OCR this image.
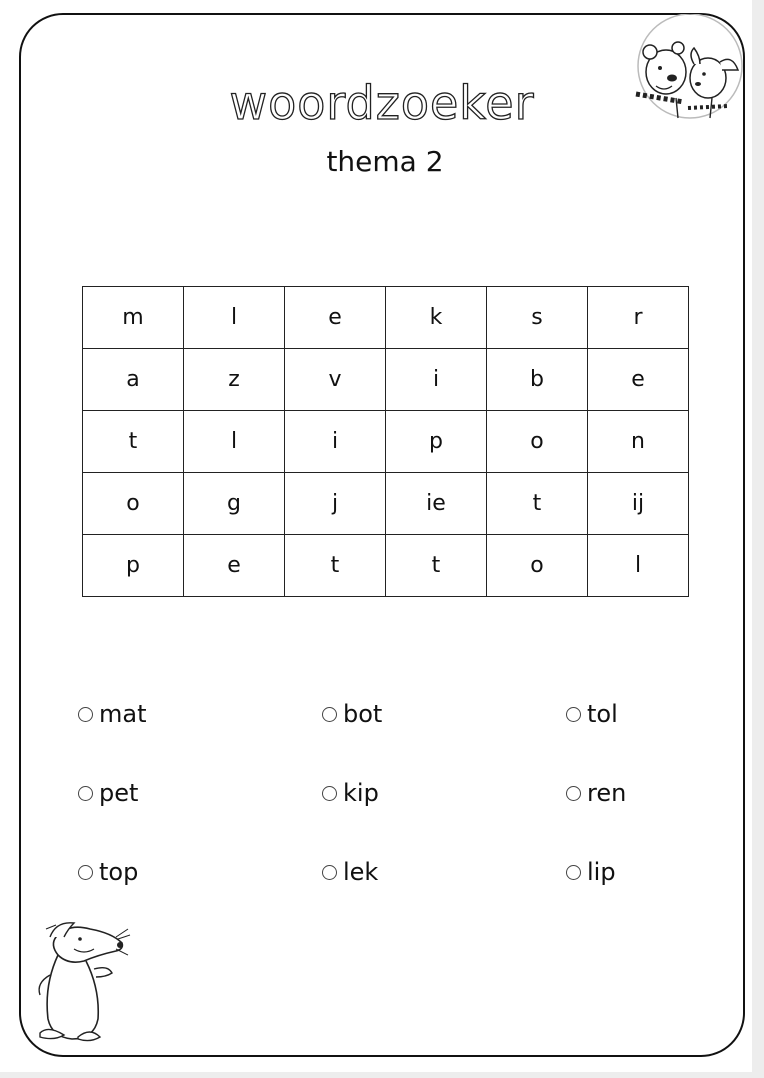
woordzoeker
thema 2
m	l	e	k	s	r
a	z	v	i	b	e
t	l	i	p	o	n
o	g	j	ie	t	ij
p	e	t	t	o	l
mat	bot	tol
pet	kip	ren
top	lek	lip
